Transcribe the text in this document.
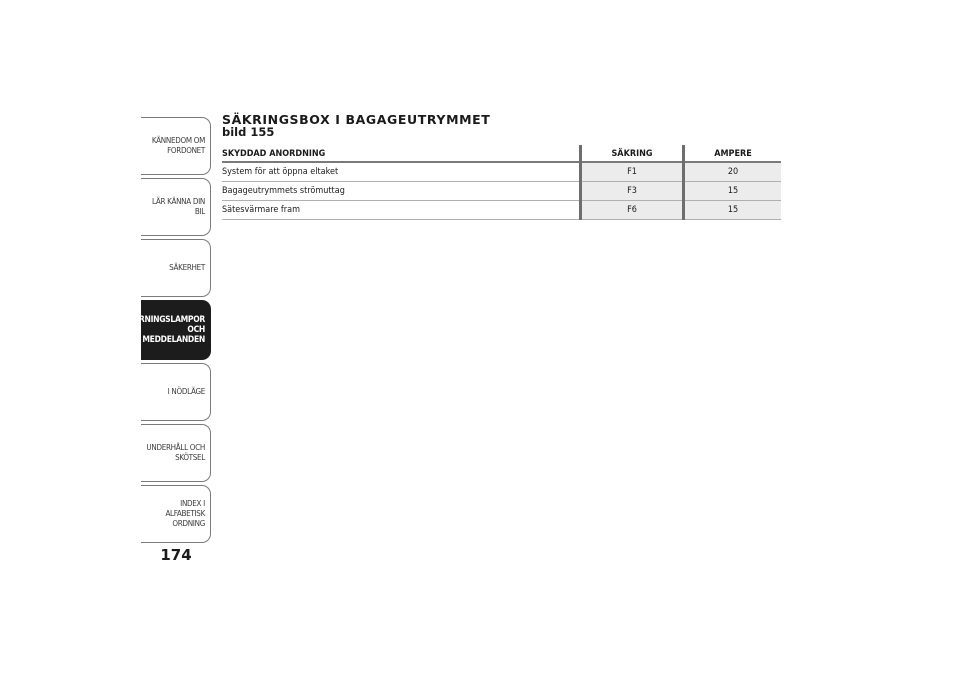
KÄNNEDOM OM
FORDONET
LÄR KÄNNA DIN BIL
SÄKERHET
VARNINGSLAMPOR
OCH
MEDDELANDEN
I NÖDLÄGE
UNDERHÅLL OCH
SKÖTSEL
INDEX I ALFABETISK
ORDNING
174
SÄKRINGSBOX I BAGAGEUTRYMMET
bild 155
SKYDDAD ANORDNING	SÄKRING	AMPERE
System för att öppna eltaket	F1	20
Bagageutrymmets strömuttag	F3	15
Sätesvärmare fram	F6	15
